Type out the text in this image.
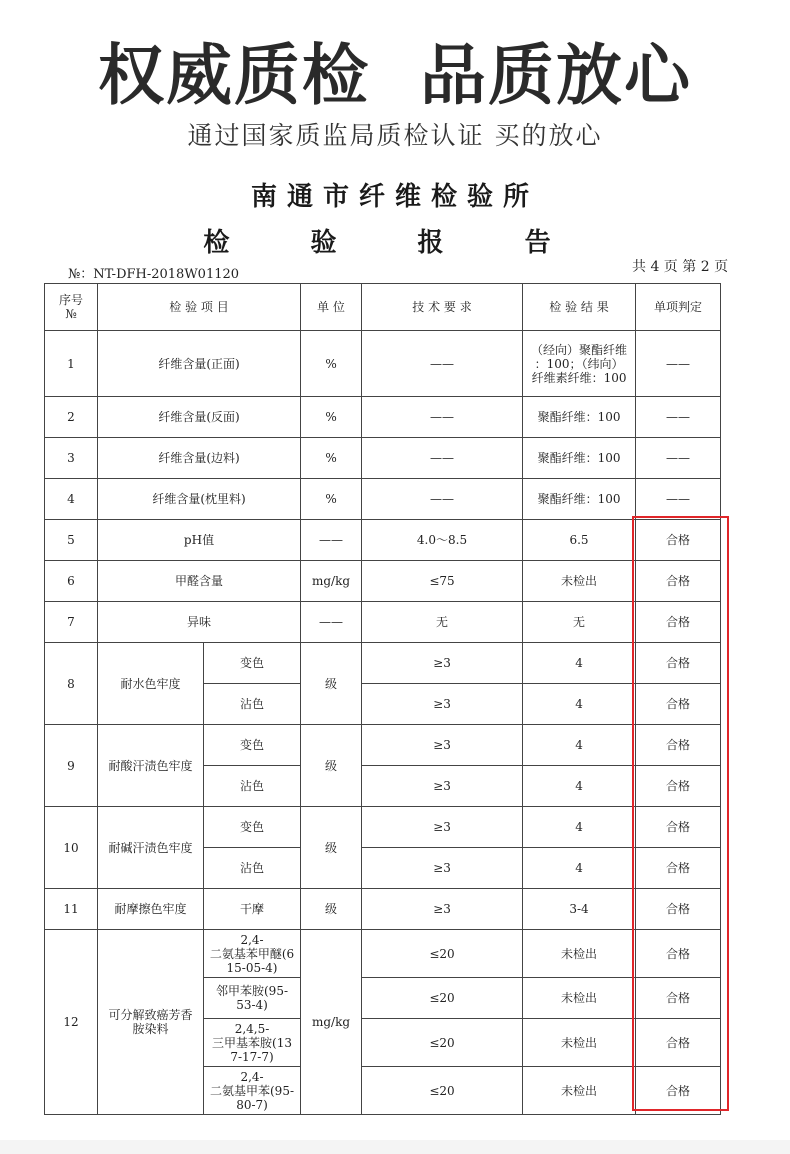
权威质检  品质放心
通过国家质监局质检认证 买的放心
南通市纤维检验所
检 验 报 告
№：NT-DFH-2018W01120	共 4 页 第 2 页
序号
№	检 验 项 目		单 位	技 术 要 求	检 验 结 果	单项判定
1	纤维含量(正面)		%	——	（经向）聚酯纤维
：100；（纬向）
纤维素纤维：100	——
2	纤维含量(反面)		%	——	聚酯纤维：100	——
3	纤维含量(边料)		%	——	聚酯纤维：100	——
4	纤维含量(枕里料)		%	——	聚酯纤维：100	——
5	pH值		——	4.0～8.5	6.5	合格
6	甲醛含量		mg/kg	≤75	未检出	合格
7	异味		——	无	无	合格
8	耐水色牢度	变色	级	≥3	4	合格
		沾色		≥3	4	合格
9	耐酸汗渍色牢度	变色	级	≥3	4	合格
		沾色		≥3	4	合格
10	耐碱汗渍色牢度	变色	级	≥3	4	合格
		沾色		≥3	4	合格
11	耐摩擦色牢度	干摩	级	≥3	3-4	合格
12	可分解致癌芳香
胺染料	2,4-
二氨基苯甲醚(6
15-05-4)	mg/kg	≤20	未检出	合格
		邻甲苯胺(95-
53-4)		≤20	未检出	合格
		2,4,5-
三甲基苯胺(13
7-17-7)		≤20	未检出	合格
		2,4-
二氨基甲苯(95-
80-7)		≤20	未检出	合格
